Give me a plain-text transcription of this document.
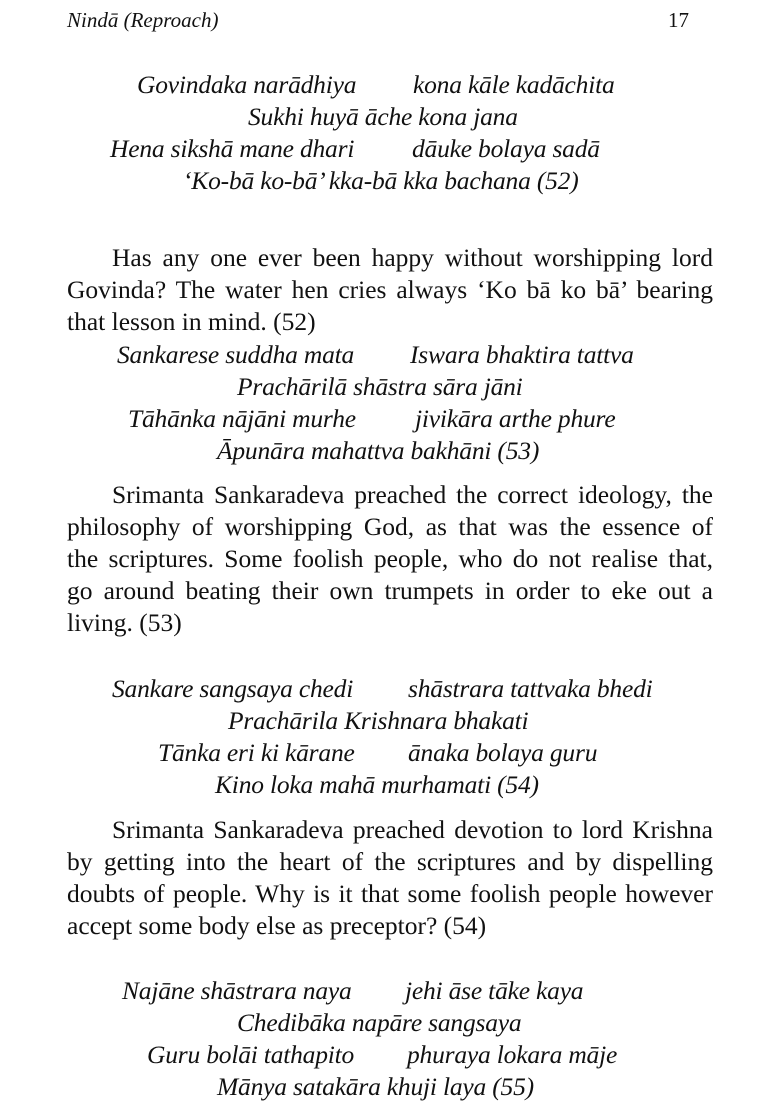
Nindā (Reproach)	17
Govindaka narādhiya kona kāle kadāchita
Sukhi huyā āche kona jana
Hena sikshā mane dhari dāuke bolaya sadā
‘Ko-bā ko-bā’ kka-bā kka bachana (52)
Has any one ever been happy without worshipping lord
Govinda? The water hen cries always ‘Ko bā ko bā’ bearing
that lesson in mind. (52)
Sankarese suddha mata Iswara bhaktira tattva
Prachārilā shāstra sāra jāni
Tāhānka nājāni murhe jivikāra arthe phure
Āpunāra mahattva bakhāni (53)
Srimanta Sankaradeva preached the correct ideology, the
philosophy of worshipping God, as that was the essence of
the scriptures. Some foolish people, who do not realise that,
go around beating their own trumpets in order to eke out a
living. (53)
Sankare sangsaya chedi shāstrara tattvaka bhedi
Prachārila Krishnara bhakati
Tānka eri ki kārane ānaka bolaya guru
Kino loka mahā murhamati (54)
Srimanta Sankaradeva preached devotion to lord Krishna
by getting into the heart of the scriptures and by dispelling
doubts of people. Why is it that some foolish people however
accept some body else as preceptor? (54)
Najāne shāstrara naya jehi āse tāke kaya
Chedibāka napāre sangsaya
Guru bolāi tathapito phuraya lokara māje
Mānya satakāra khuji laya (55)
